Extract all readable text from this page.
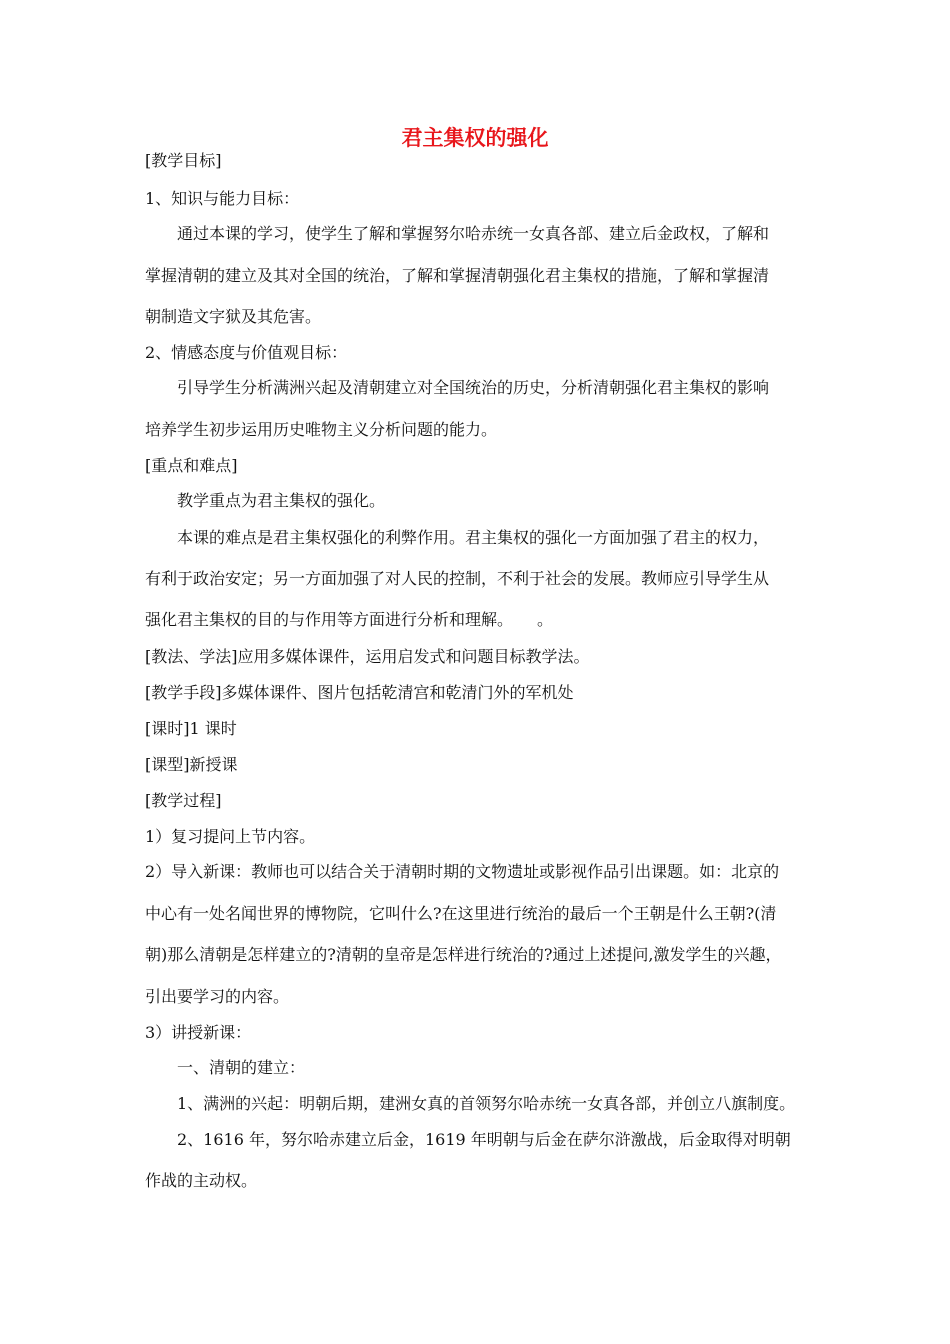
君主集权的强化
[教学目标]
1、知识与能力目标：
通过本课的学习，使学生了解和掌握努尔哈赤统一女真各部、建立后金政权，了解和
掌握清朝的建立及其对全国的统治，了解和掌握清朝强化君主集权的措施，了解和掌握清
朝制造文字狱及其危害。
2、情感态度与价值观目标：
引导学生分析满洲兴起及清朝建立对全国统治的历史，分析清朝强化君主集权的影响
培养学生初步运用历史唯物主义分析问题的能力。
[重点和难点]
教学重点为君主集权的强化。
本课的难点是君主集权强化的利弊作用。君主集权的强化一方面加强了君主的权力，
有利于政治安定；另一方面加强了对人民的控制，不利于社会的发展。教师应引导学生从
强化君主集权的目的与作用等方面进行分析和理解。　　。
[教法、学法]应用多媒体课件，运用启发式和问题目标教学法。
[教学手段]多媒体课件、图片包括乾清宫和乾清门外的军机处
[课时]1 课时
[课型]新授课
[教学过程]
1）复习提问上节内容。
2）导入新课：教师也可以结合关于清朝时期的文物遗址或影视作品引出课题。如：北京的
中心有一处名闻世界的博物院，它叫什么?在这里进行统治的最后一个王朝是什么王朝?(清
朝)那么清朝是怎样建立的?清朝的皇帝是怎样进行统治的?通过上述提问,激发学生的兴趣，
引出要学习的内容。
3）讲授新课：
一、清朝的建立：
1、满洲的兴起：明朝后期，建洲女真的首领努尔哈赤统一女真各部，并创立八旗制度。
2、1616 年，努尔哈赤建立后金，1619 年明朝与后金在萨尔浒激战，后金取得对明朝
作战的主动权。
